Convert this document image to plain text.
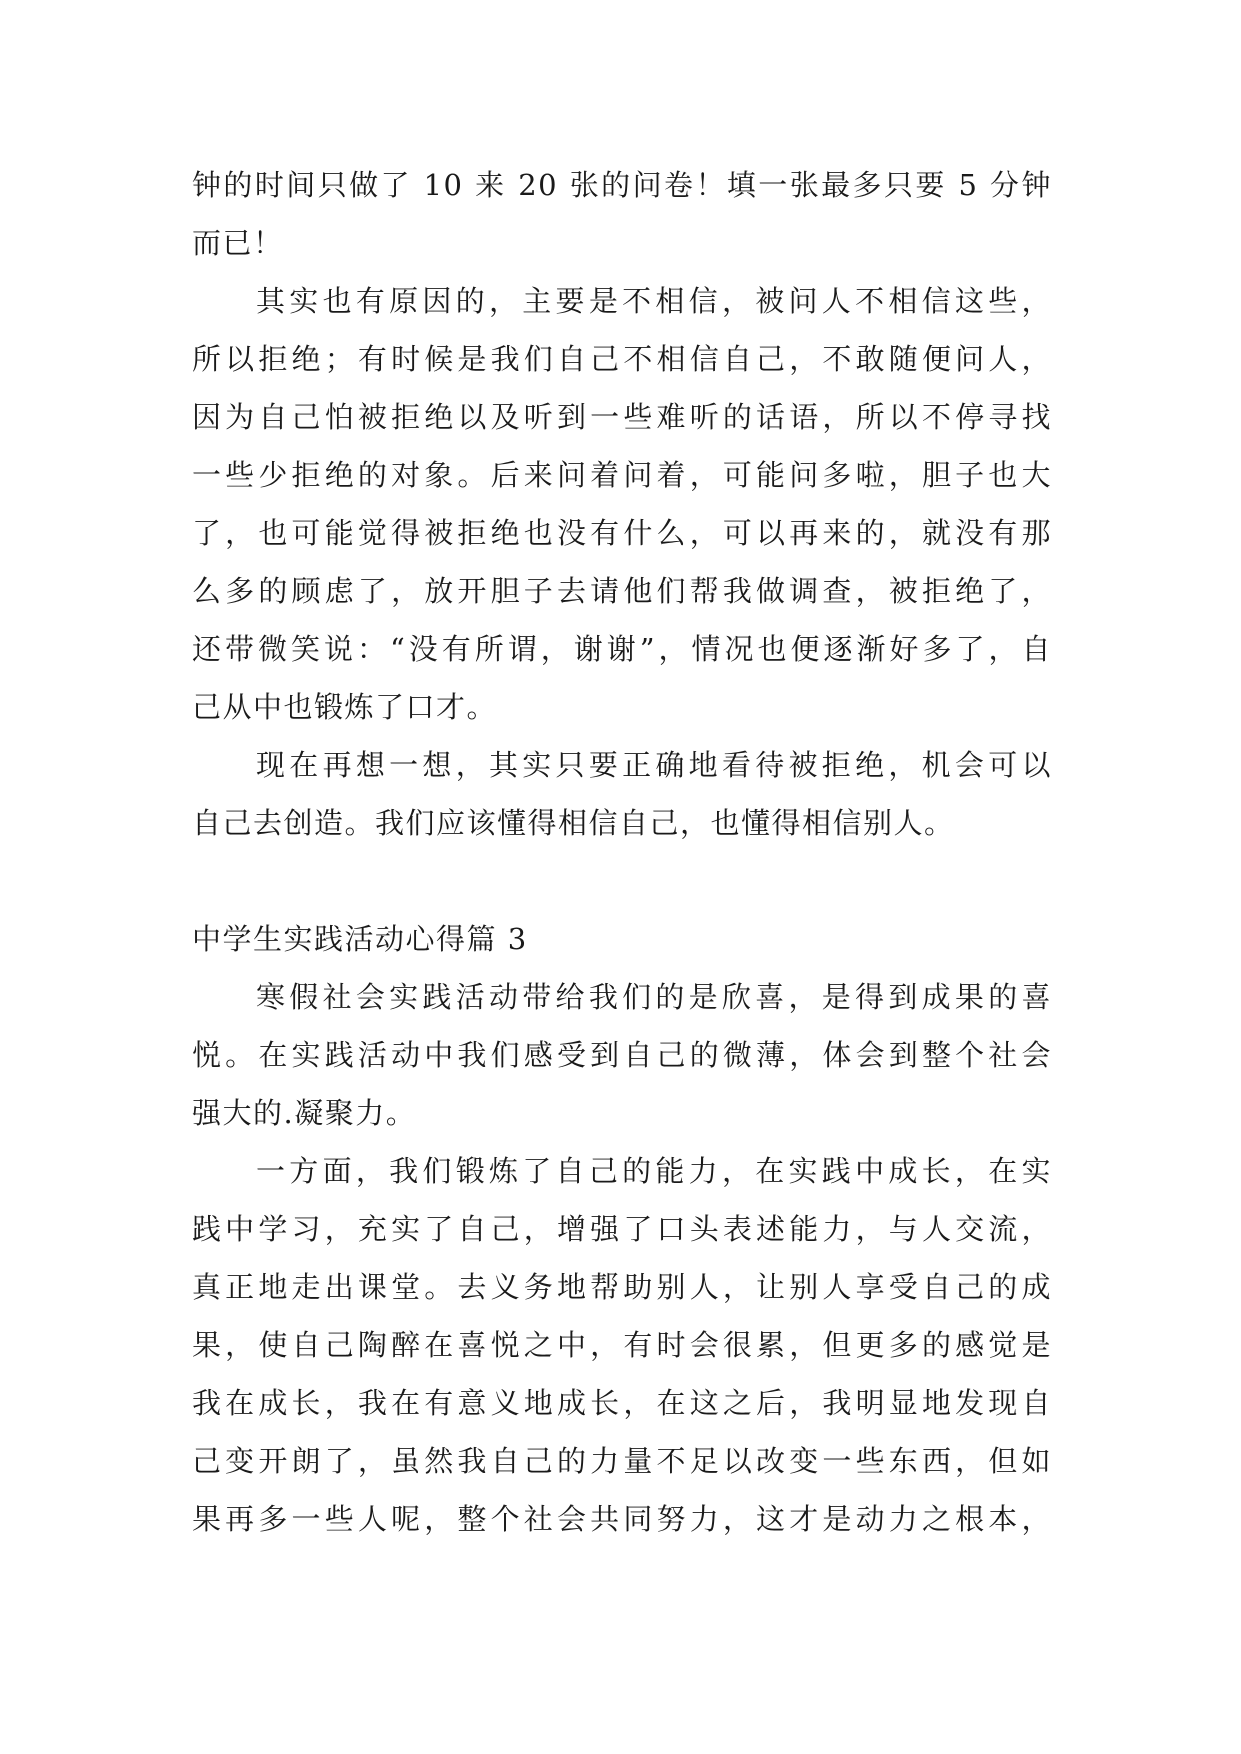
钟的时间只做了 10 来 20 张的问卷！填一张最多只要 5 分钟
而已！
其实也有原因的，主要是不相信，被问人不相信这些，
所以拒绝；有时候是我们自己不相信自己，不敢随便问人，
因为自己怕被拒绝以及听到一些难听的话语，所以不停寻找
一些少拒绝的对象。后来问着问着，可能问多啦，胆子也大
了，也可能觉得被拒绝也没有什么，可以再来的，就没有那
么多的顾虑了，放开胆子去请他们帮我做调查，被拒绝了，
还带微笑说：“没有所谓，谢谢”，情况也便逐渐好多了，自
己从中也锻炼了口才。
现在再想一想，其实只要正确地看待被拒绝，机会可以
自己去创造。我们应该懂得相信自己，也懂得相信别人。
中学生实践活动心得篇 3
寒假社会实践活动带给我们的是欣喜，是得到成果的喜
悦。在实践活动中我们感受到自己的微薄，体会到整个社会
强大的.凝聚力。
一方面，我们锻炼了自己的能力，在实践中成长，在实
践中学习，充实了自己，增强了口头表述能力，与人交流，
真正地走出课堂。去义务地帮助别人，让别人享受自己的成
果，使自己陶醉在喜悦之中，有时会很累，但更多的感觉是
我在成长，我在有意义地成长，在这之后，我明显地发现自
己变开朗了，虽然我自己的力量不足以改变一些东西，但如
果再多一些人呢，整个社会共同努力，这才是动力之根本，
